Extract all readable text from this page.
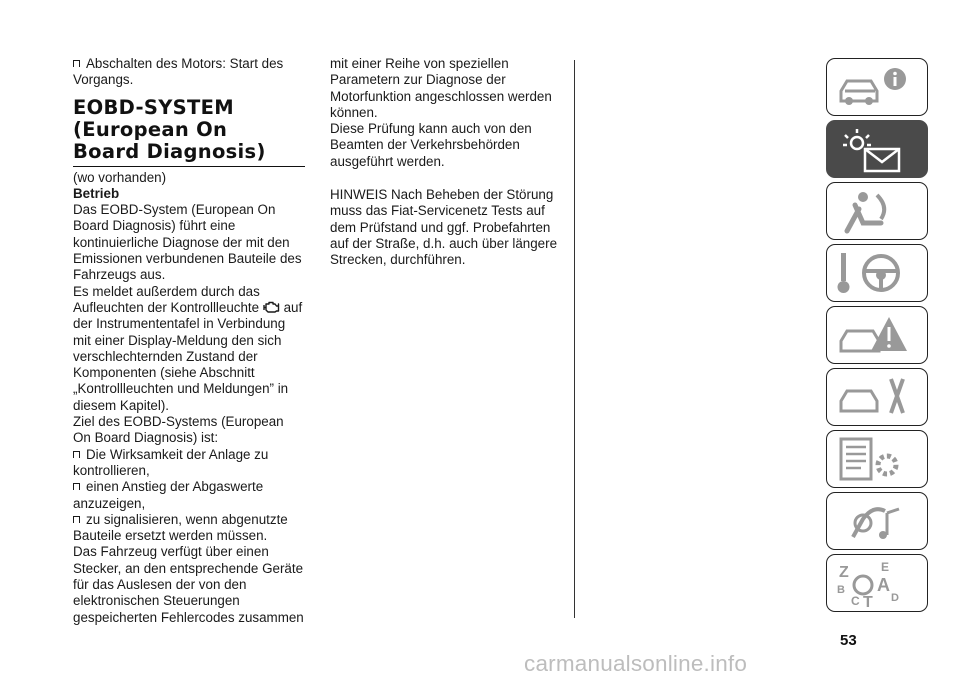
Abschalten des Motors: Start des Vorgangs.

EOBD-SYSTEM
(European On
Board Diagnosis)

(wo vorhanden)

Betrieb

Das EOBD-System (European On Board Diagnosis) führt eine kontinuierliche Diagnose der mit den Emissionen verbundenen Bauteile des Fahrzeugs aus.

Es meldet außerdem durch das Aufleuchten der Kontrollleuchte auf der Instrumententafel in Verbindung mit einer Display-Meldung den sich verschlechternden Zustand der Komponenten (siehe Abschnitt „Kontrollleuchten und Meldungen” in diesem Kapitel).

Ziel des EOBD-Systems (European On Board Diagnosis) ist:

Die Wirksamkeit der Anlage zu kontrollieren,

einen Anstieg der Abgaswerte anzuzeigen,

zu signalisieren, wenn abgenutzte Bauteile ersetzt werden müssen.

Das Fahrzeug verfügt über einen Stecker, an den entsprechende Geräte für das Auslesen der von den elektronischen Steuerungen gespeicherten Fehlercodes zusammen

mit einer Reihe von speziellen Parametern zur Diagnose der Motorfunktion angeschlossen werden können.

Diese Prüfung kann auch von den Beamten der Verkehrsbehörden ausgeführt werden.

HINWEIS Nach Beheben der Störung muss das Fiat-Servicenetz Tests auf dem Prüfstand und ggf. Probefahrten auf der Straße, d.h. auch über längere Strecken, durchführen.

Z	E
A
B
C T D
53
carmanualsonline.info
